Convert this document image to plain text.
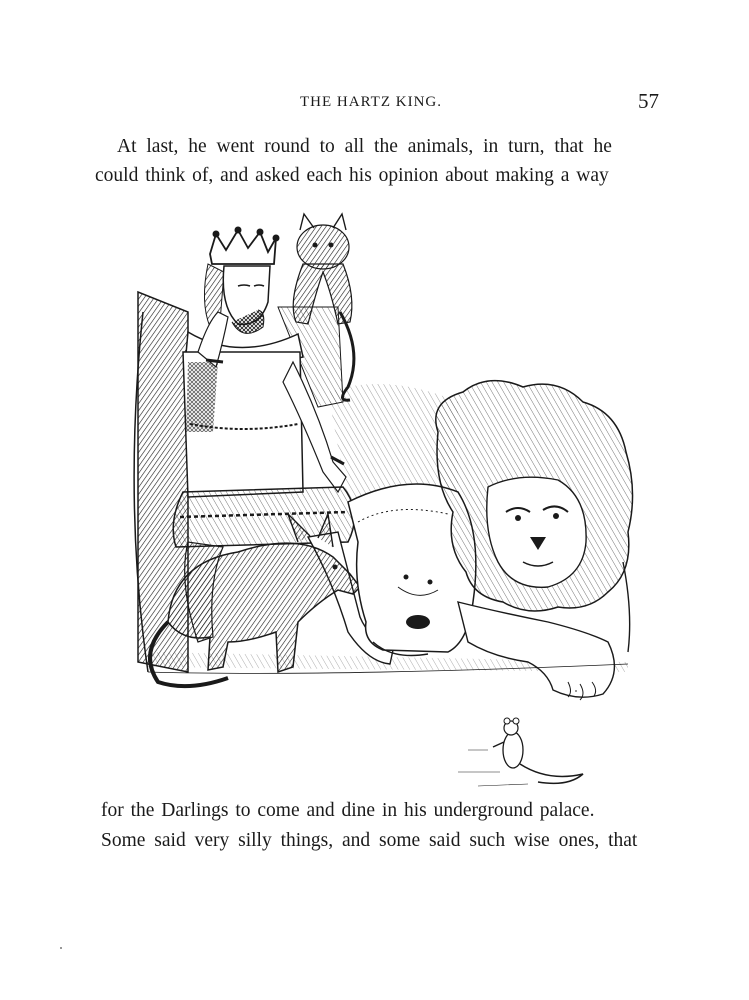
THE HARTZ KING.	57
At last, he went round to all the animals, in turn, that he
could think of, and asked each his opinion about making a way
for the Darlings to come and dine in his underground palace.
Some said very silly things, and some said such wise ones, that
